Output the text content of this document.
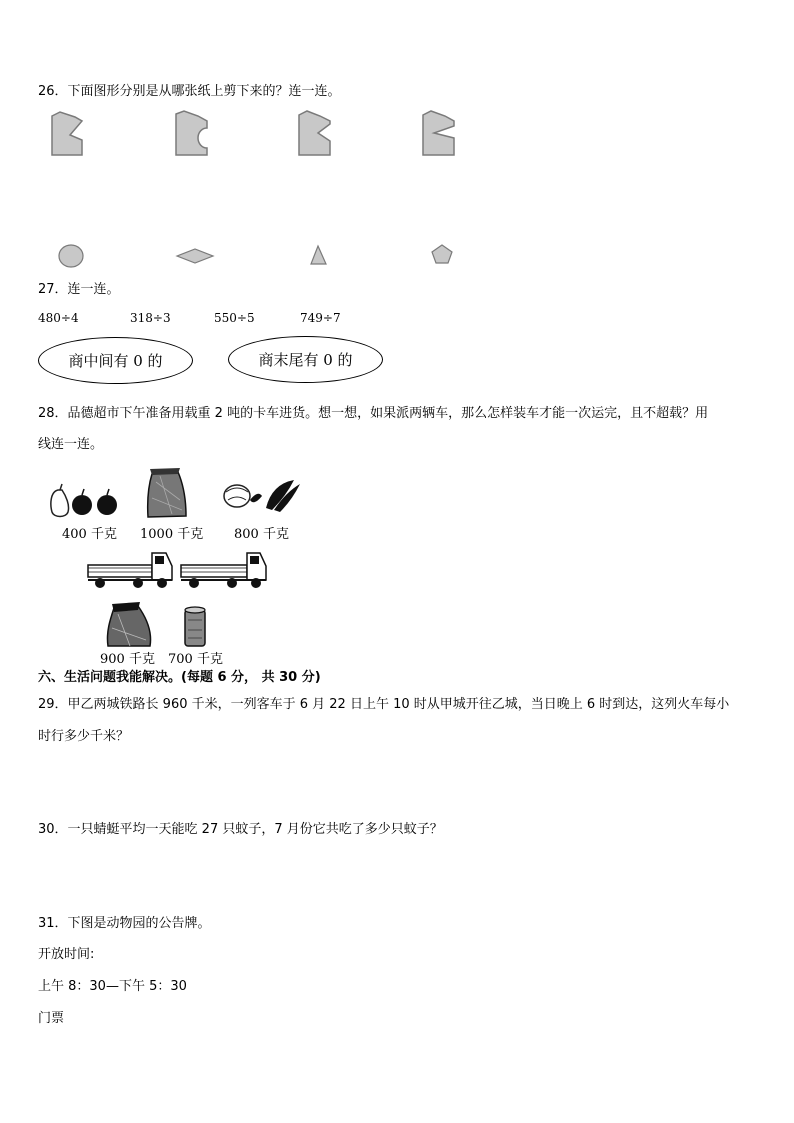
26．下面图形分别是从哪张纸上剪下来的？连一连。
27．连一连。
480÷4	318÷3	550÷5	749÷7
商中间有 0 的	商末尾有 0 的
28．品德超市下午准备用载重 2 吨的卡车进货。想一想，如果派两辆车，那么怎样装车才能一次运完，且不超载？用
线连一连。
400 千克 1000 千克 800 千克
900 千克 700 千克
六、生活问题我能解决。(每题 6 分， 共 30 分)
29．甲乙两城铁路长 960 千米，一列客车于 6 月 22 日上午 10 时从甲城开往乙城，当日晚上 6 时到达，这列火车每小
时行多少千米？
30．一只蜻蜓平均一天能吃 27 只蚊子，7 月份它共吃了多少只蚊子？
31．下图是动物园的公告牌。
开放时间:
上午 8：30—下午 5：30
门票
